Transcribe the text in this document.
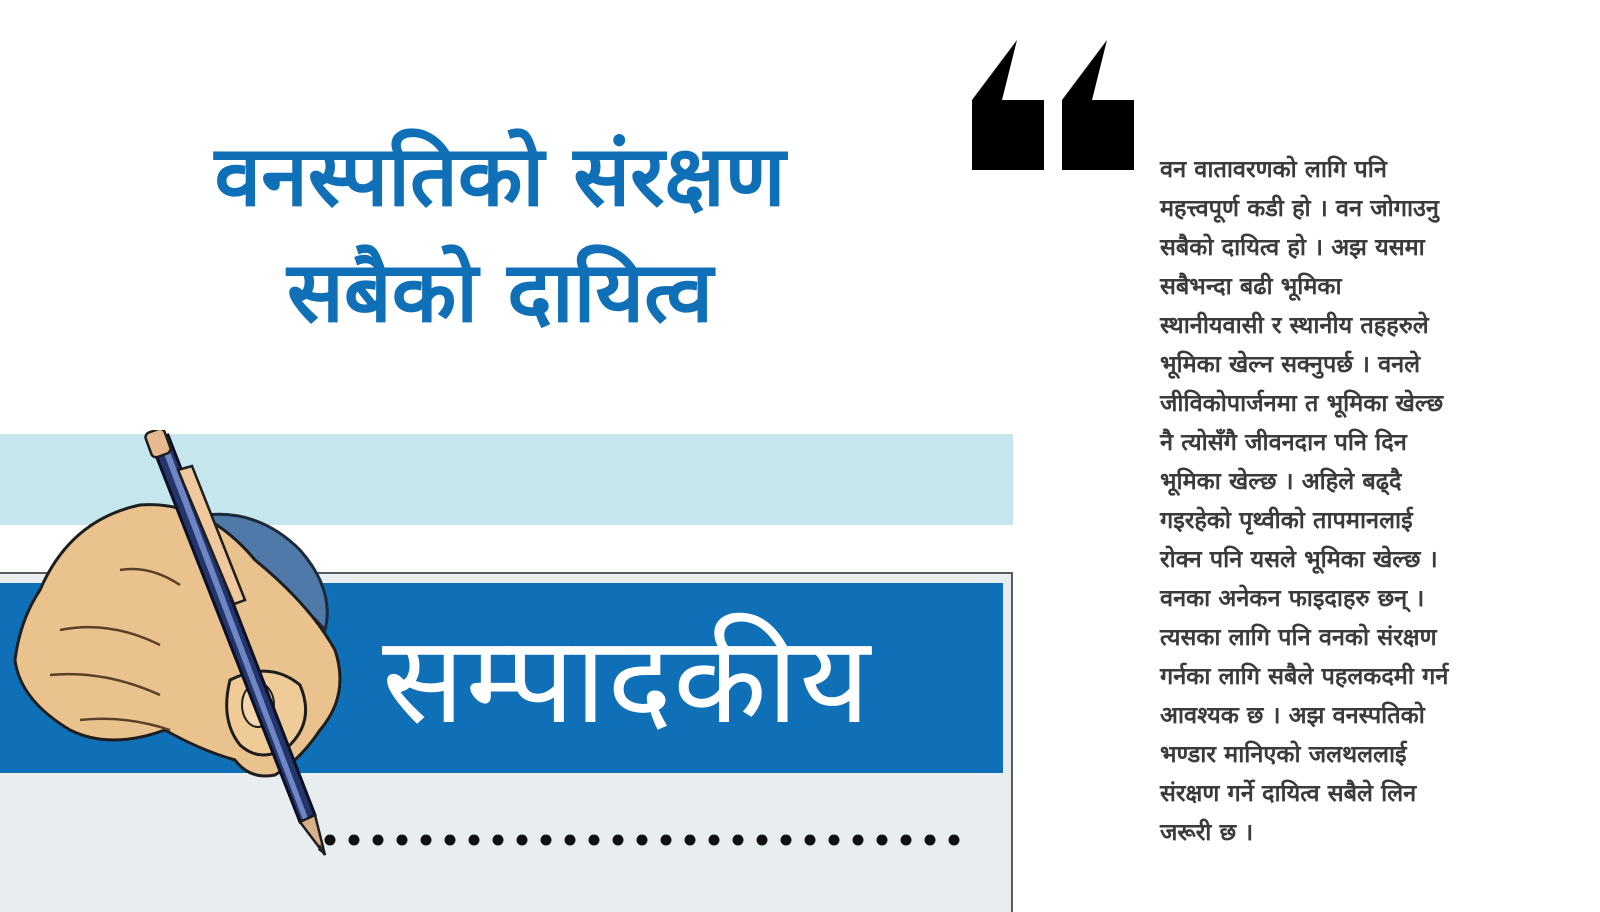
वनस्पतिको संरक्षण
सबैको दायित्व
सम्पादकीय
वन वातावरणको लागि पनि
महत्त्वपूर्ण कडी हो । वन जोगाउनु
सबैको दायित्व हो । अझ यसमा
सबैभन्दा बढी भूमिका
स्थानीयवासी र स्थानीय तहहरुले
भूमिका खेल्न सक्नुपर्छ । वनले
जीविकोपार्जनमा त भूमिका खेल्छ
नै त्योसँगै जीवनदान पनि दिन
भूमिका खेल्छ । अहिले बढ्दै
गइरहेको पृथ्वीको तापमानलाई
रोक्न पनि यसले भूमिका खेल्छ ।
वनका अनेकन फाइदाहरु छन् ।
त्यसका लागि पनि वनको संरक्षण
गर्नका लागि सबैले पहलकदमी गर्न
आवश्यक छ । अझ वनस्पतिको
भण्डार मानिएको जलथललाई
संरक्षण गर्ने दायित्व सबैले लिन
जरूरी छ ।
